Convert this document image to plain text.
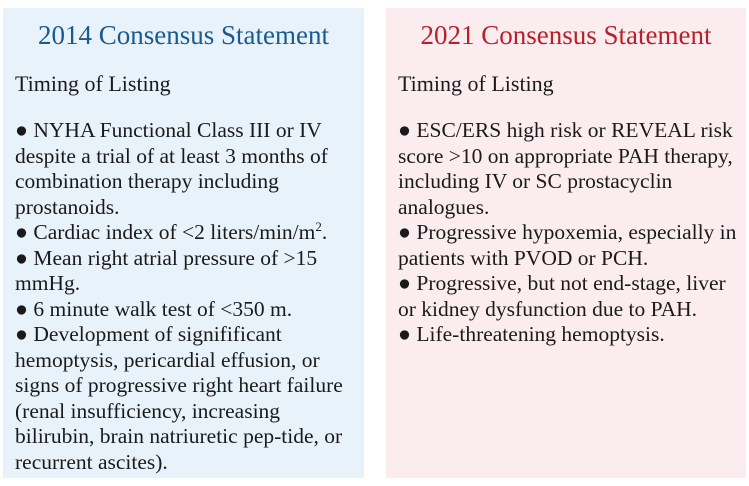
2014 Consensus Statement
Timing of Listing
● NYHA Functional Class III or IV despite a trial of at least 3 months of combination therapy including prostanoids.
● Cardiac index of <2 liters/$\min/m^2$.
● Mean right atrial pressure of >15 mmHg.
● 6 minute walk test of <350 m.
● Development of signifificant hemoptysis, pericardial effusion, or signs of progressive right heart failure (renal insufficiency, increasing bilirubin, brain natriuretic pep-tide, or recurrent ascites).
2021 Consensus Statement
Timing of Listing
● ESC/ERS high risk or REVEAL risk score >10 on appropriate PAH therapy, including IV or SC prostacyclin analogues.
● Progressive hypoxemia, especially in patients with PVOD or PCH.
● Progressive, but not end-stage, liver or kidney dysfunction due to PAH.
● Life-threatening hemoptysis.
